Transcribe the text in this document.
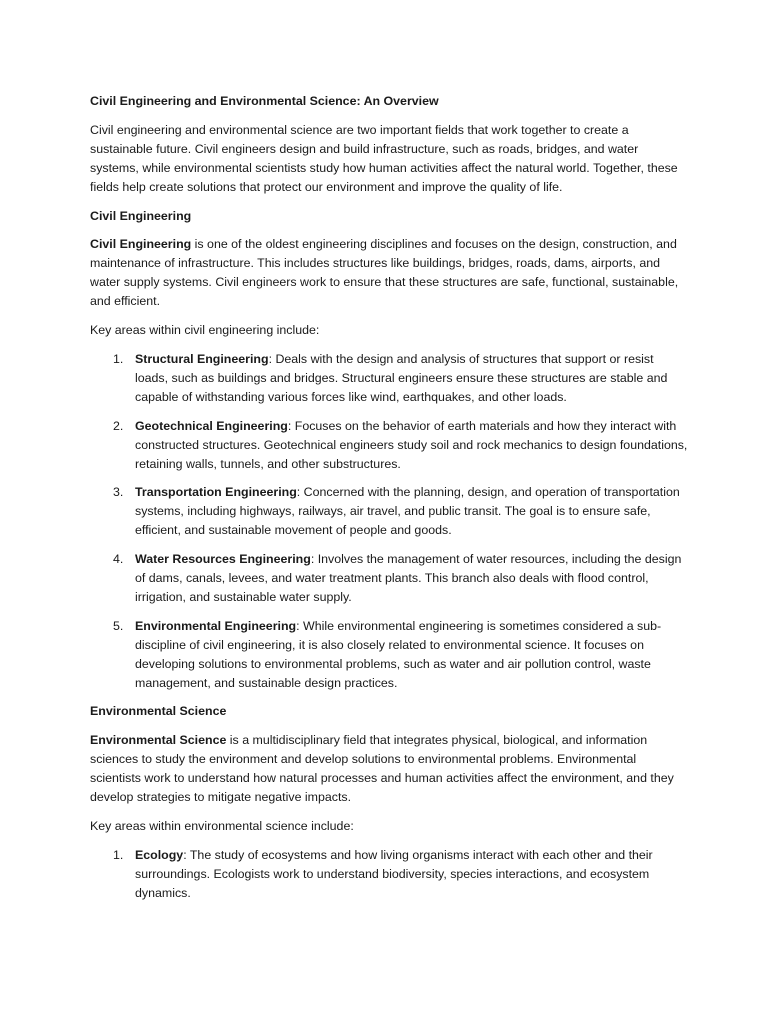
Civil Engineering and Environmental Science: An Overview

Civil engineering and environmental science are two important fields that work together to create a sustainable future. Civil engineers design and build infrastructure, such as roads, bridges, and water systems, while environmental scientists study how human activities affect the natural world. Together, these fields help create solutions that protect our environment and improve the quality of life.

Civil Engineering

Civil Engineering is one of the oldest engineering disciplines and focuses on the design, construction, and maintenance of infrastructure. This includes structures like buildings, bridges, roads, dams, airports, and water supply systems. Civil engineers work to ensure that these structures are safe, functional, sustainable, and efficient.

Key areas within civil engineering include:

1. Structural Engineering: Deals with the design and analysis of structures that support or resist loads, such as buildings and bridges. Structural engineers ensure these structures are stable and capable of withstanding various forces like wind, earthquakes, and other loads.
2. Geotechnical Engineering: Focuses on the behavior of earth materials and how they interact with constructed structures. Geotechnical engineers study soil and rock mechanics to design foundations, retaining walls, tunnels, and other substructures.
3. Transportation Engineering: Concerned with the planning, design, and operation of transportation systems, including highways, railways, air travel, and public transit. The goal is to ensure safe, efficient, and sustainable movement of people and goods.
4. Water Resources Engineering: Involves the management of water resources, including the design of dams, canals, levees, and water treatment plants. This branch also deals with flood control, irrigation, and sustainable water supply.
5. Environmental Engineering: While environmental engineering is sometimes considered a sub-discipline of civil engineering, it is also closely related to environmental science. It focuses on developing solutions to environmental problems, such as water and air pollution control, waste management, and sustainable design practices.

Environmental Science

Environmental Science is a multidisciplinary field that integrates physical, biological, and information sciences to study the environment and develop solutions to environmental problems. Environmental scientists work to understand how natural processes and human activities affect the environment, and they develop strategies to mitigate negative impacts.

Key areas within environmental science include:

1. Ecology: The study of ecosystems and how living organisms interact with each other and their surroundings. Ecologists work to understand biodiversity, species interactions, and ecosystem dynamics.
